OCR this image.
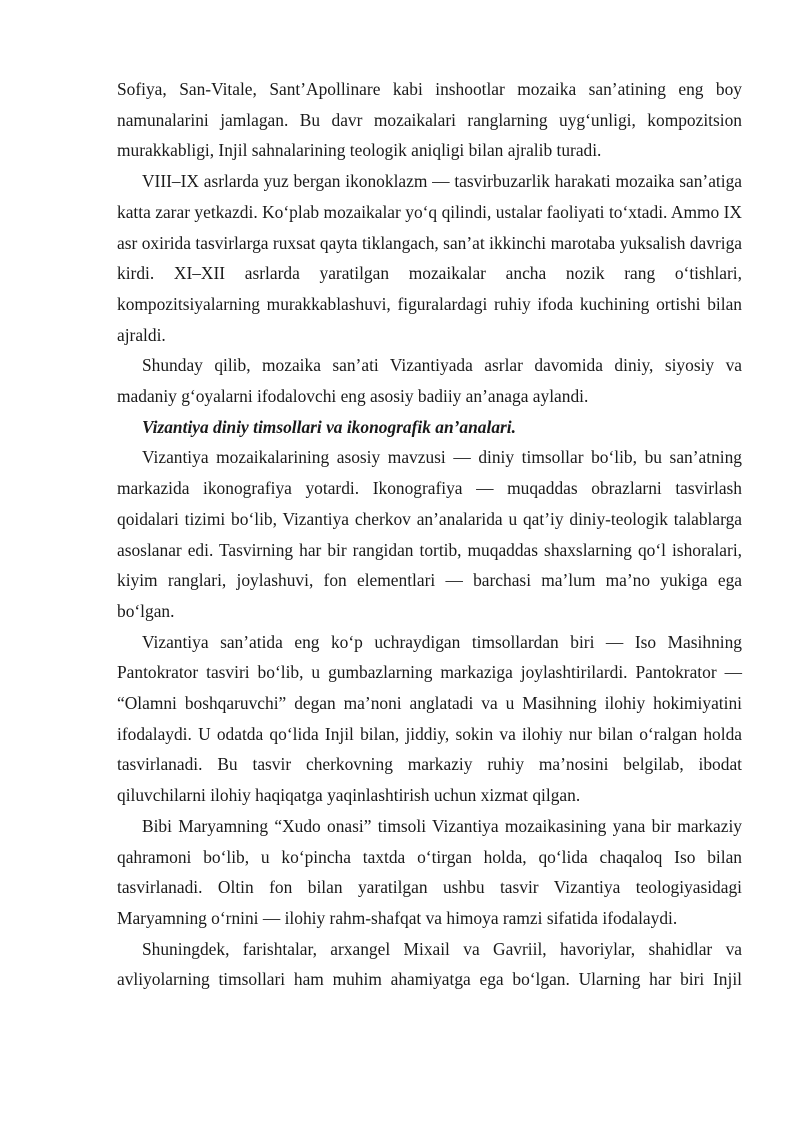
Sofiya, San-Vitale, Sant’Apollinare kabi inshootlar mozaika san’atining eng boy namunalarini jamlagan. Bu davr mozaikalari ranglarning uyg‘unligi, kompozitsion murakkabligi, Injil sahnalarining teologik aniqligi bilan ajralib turadi.

VIII–IX asrlarda yuz bergan ikonoklazm — tasvirbuzarlik harakati mozaika san’atiga katta zarar yetkazdi. Ko‘plab mozaikalar yo‘q qilindi, ustalar faoliyati to‘xtadi. Ammo IX asr oxirida tasvirlarga ruxsat qayta tiklangach, san’at ikkinchi marotaba yuksalish davriga kirdi. XI–XII asrlarda yaratilgan mozaikalar ancha nozik rang o‘tishlari, kompozitsiyalarning murakkablashuvi, figuralardagi ruhiy ifoda kuchining ortishi bilan ajraldi.

Shunday qilib, mozaika san’ati Vizantiyada asrlar davomida diniy, siyosiy va madaniy g‘oyalarni ifodalovchi eng asosiy badiiy an’anaga aylandi.

Vizantiya diniy timsollari va ikonografik an’analari.

Vizantiya mozaikalarining asosiy mavzusi — diniy timsollar bo‘lib, bu san’atning markazida ikonografiya yotardi. Ikonografiya — muqaddas obrazlarni tasvirlash qoidalari tizimi bo‘lib, Vizantiya cherkov an’analarida u qat’iy diniy-teologik talablarga asoslanar edi. Tasvirning har bir rangidan tortib, muqaddas shaxslarning qo‘l ishoralari, kiyim ranglari, joylashuvi, fon elementlari — barchasi ma’lum ma’no yukiga ega bo‘lgan.

Vizantiya san’atida eng ko‘p uchraydigan timsollardan biri — Iso Masihning Pantokrator tasviri bo‘lib, u gumbazlarning markaziga joylashtirilardi. Pantokrator — “Olamni boshqaruvchi” degan ma’noni anglatadi va u Masihning ilohiy hokimiyatini ifodalaydi. U odatda qo‘lida Injil bilan, jiddiy, sokin va ilohiy nur bilan o‘ralgan holda tasvirlanadi. Bu tasvir cherkovning markaziy ruhiy ma’nosini belgilab, ibodat qiluvchilarni ilohiy haqiqatga yaqinlashtirish uchun xizmat qilgan.

Bibi Maryamning “Xudo onasi” timsoli Vizantiya mozaikasining yana bir markaziy qahramoni bo‘lib, u ko‘pincha taxtda o‘tirgan holda, qo‘lida chaqaloq Iso bilan tasvirlanadi. Oltin fon bilan yaratilgan ushbu tasvir Vizantiya teologiyasidagi Maryamning o‘rnini — ilohiy rahm-shafqat va himoya ramzi sifatida ifodalaydi.

Shuningdek, farishtalar, arxangel Mixail va Gavriil, havoriylar, shahidlar va avliyolarning timsollari ham muhim ahamiyatga ega bo‘lgan. Ularning har biri Injil
